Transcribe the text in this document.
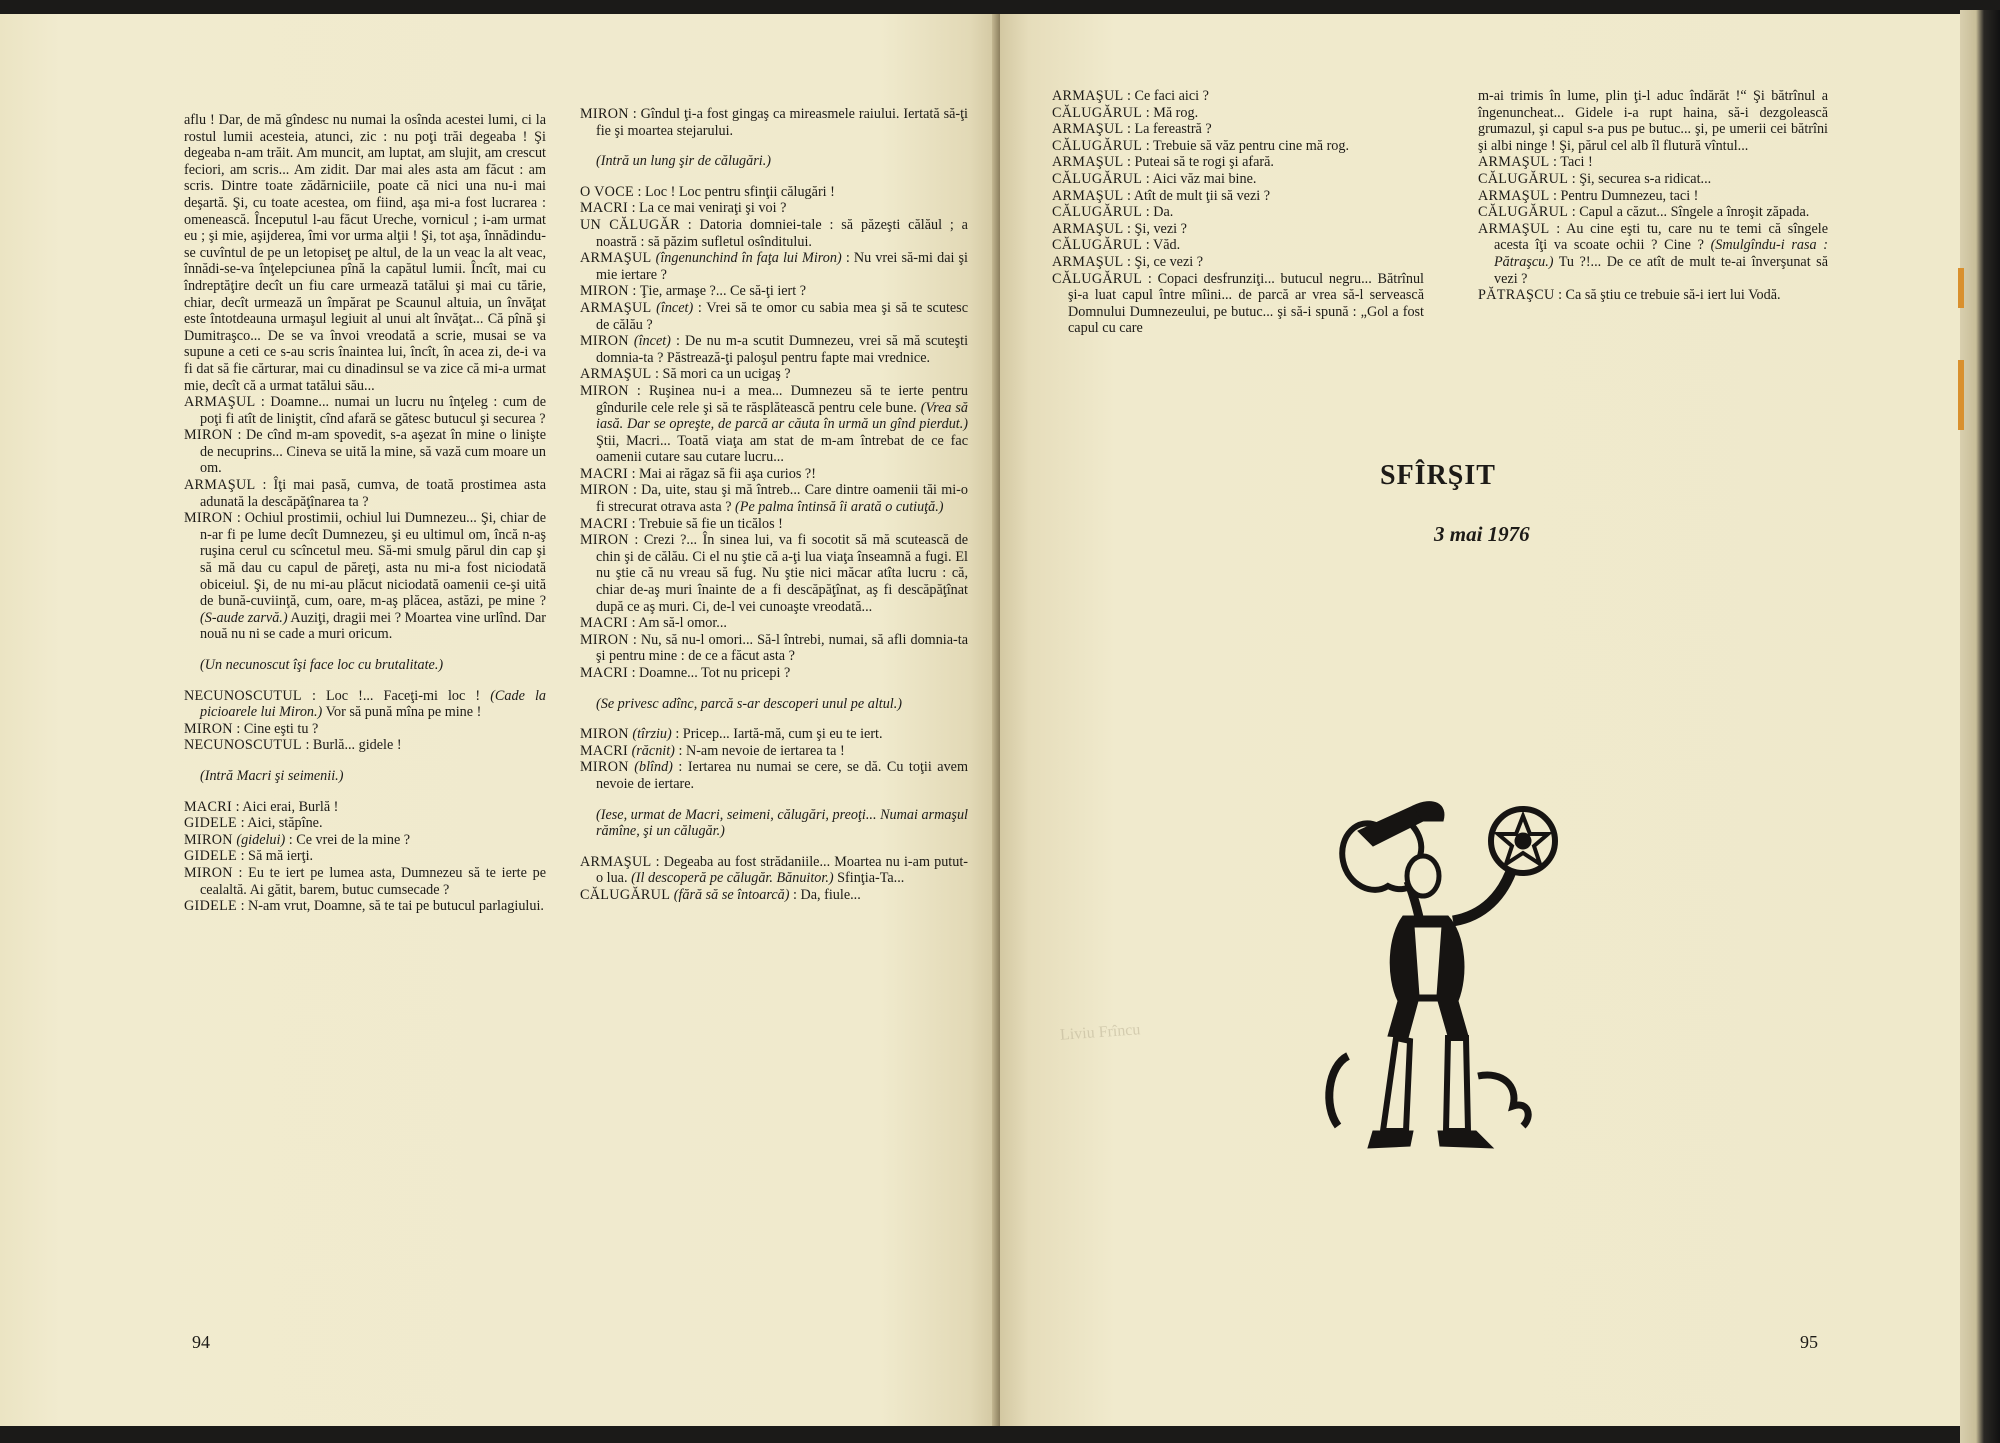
aflu ! Dar, de mă gîndesc nu numai la osînda acestei lumi, ci la rostul lumii acesteia, atunci, zic : nu poţi trăi degeaba ! Şi degeaba n-am trăit. Am muncit, am luptat, am slujit, am crescut feciori, am scris... Am zidit. Dar mai ales asta am făcut : am scris. Dintre toate zădărniciile, poate că nici una nu-i mai deşartă. Şi, cu toate acestea, om fiind, aşa mi-a fost lucrarea : omenească. Începutul l-au făcut Ureche, vornicul ; i-am urmat eu ; şi mie, aşijderea, îmi vor urma alţii ! Şi, tot aşa, înnădindu-se cuvîntul de pe un letopiseţ pe altul, de la un veac la alt veac, înnădi-se-va înţelepciunea pînă la capătul lumii. Încît, mai cu îndreptăţire decît un fiu care urmează tatălui şi mai cu tărie, chiar, decît urmează un împărat pe Scaunul altuia, un învăţat este întotdeauna urmaşul legiuit al unui alt învăţat... Că pînă şi Dumitraşco... De se va învoi vreodată a scrie, musai se va supune a ceti ce s-au scris înaintea lui, încît, în acea zi, de-i va fi dat să fie cărturar, mai cu dinadinsul se va zice că mi-a urmat mie, decît că a urmat tatălui său...

ARMAŞUL : Doamne... numai un lucru nu înţeleg : cum de poţi fi atît de liniştit, cînd afară se gătesc butucul şi securea ?

MIRON : De cînd m-am spovedit, s-a aşezat în mine o linişte de necuprins... Cineva se uită la mine, să vază cum moare un om.

ARMAŞUL : Îţi mai pasă, cumva, de toată prostimea asta adunată la descăpăţînarea ta ?

MIRON : Ochiul prostimii, ochiul lui Dumnezeu... Şi, chiar de n-ar fi pe lume decît Dumnezeu, şi eu ultimul om, încă n-aş ruşina cerul cu scîncetul meu. Să-mi smulg părul din cap şi să mă dau cu capul de păreţi, asta nu mi-a fost niciodată obiceiul. Şi, de nu mi-au plăcut niciodată oamenii ce-şi uită de bună-cuviinţă, cum, oare, m-aş plăcea, astăzi, pe mine ? (S-aude zarvă.) Auziţi, dragii mei ? Moartea vine urlînd. Dar nouă nu ni se cade a muri oricum.

(Un necunoscut îşi face loc cu brutalitate.)

NECUNOSCUTUL : Loc !... Faceţi-mi loc ! (Cade la picioarele lui Miron.) Vor să pună mîna pe mine !

MIRON : Cine eşti tu ?

NECUNOSCUTUL : Burlă... gidele !

(Intră Macri şi seimenii.)

MACRI : Aici erai, Burlă !

GIDELE : Aici, stăpîne.

MIRON (gidelui) : Ce vrei de la mine ?

GIDELE : Să mă ierţi.

MIRON : Eu te iert pe lumea asta, Dumnezeu să te ierte pe cealaltă. Ai gătit, barem, butuc cumsecade ?

GIDELE : N-am vrut, Doamne, să te tai pe butucul parlagiului.

MIRON : Gîndul ţi-a fost gingaş ca mireasmele raiului. Iertată să-ţi fie şi moartea stejarului.

(Intră un lung şir de călugări.)

O VOCE : Loc ! Loc pentru sfinţii călugări !

MACRI : La ce mai veniraţi şi voi ?

UN CĂLUGĂR : Datoria domniei-tale : să păzeşti călăul ; a noastră : să păzim sufletul osînditului.

ARMAŞUL (îngenunchind în faţa lui Miron) : Nu vrei să-mi dai şi mie iertare ?

MIRON : Ţie, armaşe ?... Ce să-ţi iert ?

ARMAŞUL (încet) : Vrei să te omor cu sabia mea şi să te scutesc de călău ?

MIRON (încet) : De nu m-a scutit Dumnezeu, vrei să mă scuteşti domnia-ta ? Păstrează-ţi paloşul pentru fapte mai vrednice.

ARMAŞUL : Să mori ca un ucigaş ?

MIRON : Ruşinea nu-i a mea... Dumnezeu să te ierte pentru gîndurile cele rele şi să te răsplătească pentru cele bune. (Vrea să iasă. Dar se opreşte, de parcă ar căuta în urmă un gînd pierdut.) Ştii, Macri... Toată viaţa am stat de m-am întrebat de ce fac oamenii cutare sau cutare lucru...

MACRI : Mai ai răgaz să fii aşa curios ?!

MIRON : Da, uite, stau şi mă întreb... Care dintre oamenii tăi mi-o fi strecurat otrava asta ? (Pe palma întinsă îi arată o cutiuţă.)

MACRI : Trebuie să fie un ticălos !

MIRON : Crezi ?... În sinea lui, va fi socotit să mă scutească de chin şi de călău. Ci el nu ştie că a-ţi lua viaţa înseamnă a fugi. El nu ştie că nu vreau să fug. Nu ştie nici măcar atîta lucru : că, chiar de-aş muri înainte de a fi descăpăţînat, aş fi descăpăţînat după ce aş muri. Ci, de-l vei cunoaşte vreodată...

MACRI : Am să-l omor...

MIRON : Nu, să nu-l omori... Să-l întrebi, numai, să afli domnia-ta şi pentru mine : de ce a făcut asta ?

MACRI : Doamne... Tot nu pricepi ?

(Se privesc adînc, parcă s-ar descoperi unul pe altul.)

MIRON (tîrziu) : Pricep... Iartă-mă, cum şi eu te iert.

MACRI (răcnit) : N-am nevoie de iertarea ta !

MIRON (blînd) : Iertarea nu numai se cere, se dă. Cu toţii avem nevoie de iertare.

(Iese, urmat de Macri, seimeni, călugări, preoţi... Numai armaşul rămîne, şi un călugăr.)

ARMAŞUL : Degeaba au fost strădaniile... Moartea nu i-am putut-o lua. (Il descoperă pe călugăr. Bănuitor.) Sfinţia-Ta...

CĂLUGĂRUL (fără să se întoarcă) : Da, fiule...

94

ARMAŞUL : Ce faci aici ?

CĂLUGĂRUL : Mă rog.

ARMAŞUL : La fereastră ?

CĂLUGĂRUL : Trebuie să văz pentru cine mă rog.

ARMAŞUL : Puteai să te rogi şi afară.

CĂLUGĂRUL : Aici văz mai bine.

ARMAŞUL : Atît de mult ţii să vezi ?

CĂLUGĂRUL : Da.

ARMAŞUL : Şi, vezi ?

CĂLUGĂRUL : Văd.

ARMAŞUL : Şi, ce vezi ?

CĂLUGĂRUL : Copaci desfrunziţi... butucul negru... Bătrînul şi-a luat capul între mîini... de parcă ar vrea să-l servească Domnului Dumnezeului, pe butuc... şi să-i spună : „Gol a fost capul cu care

m-ai trimis în lume, plin ţi-l aduc îndărăt !“ Şi bătrînul a îngenuncheat... Gidele i-a rupt haina, să-i dezgolească grumazul, şi capul s-a pus pe butuc... şi, pe umerii cei bătrîni şi albi ninge ! Şi, părul cel alb îl flutură vîntul...

ARMAŞUL : Taci !

CĂLUGĂRUL : Şi, securea s-a ridicat...

ARMAŞUL : Pentru Dumnezeu, taci !

CĂLUGĂRUL : Capul a căzut... Sîngele a înroşit zăpada.

ARMAŞUL : Au cine eşti tu, care nu te temi că sîngele acesta îţi va scoate ochii ? Cine ? (Smulgîndu-i rasa : Pătraşcu.) Tu ?!... De ce atît de mult te-ai înverşunat să vezi ?

PĂTRAŞCU : Ca să ştiu ce trebuie să-i iert lui Vodă.

SFÎRŞIT
3 mai 1976
Liviu Frîncu
95
